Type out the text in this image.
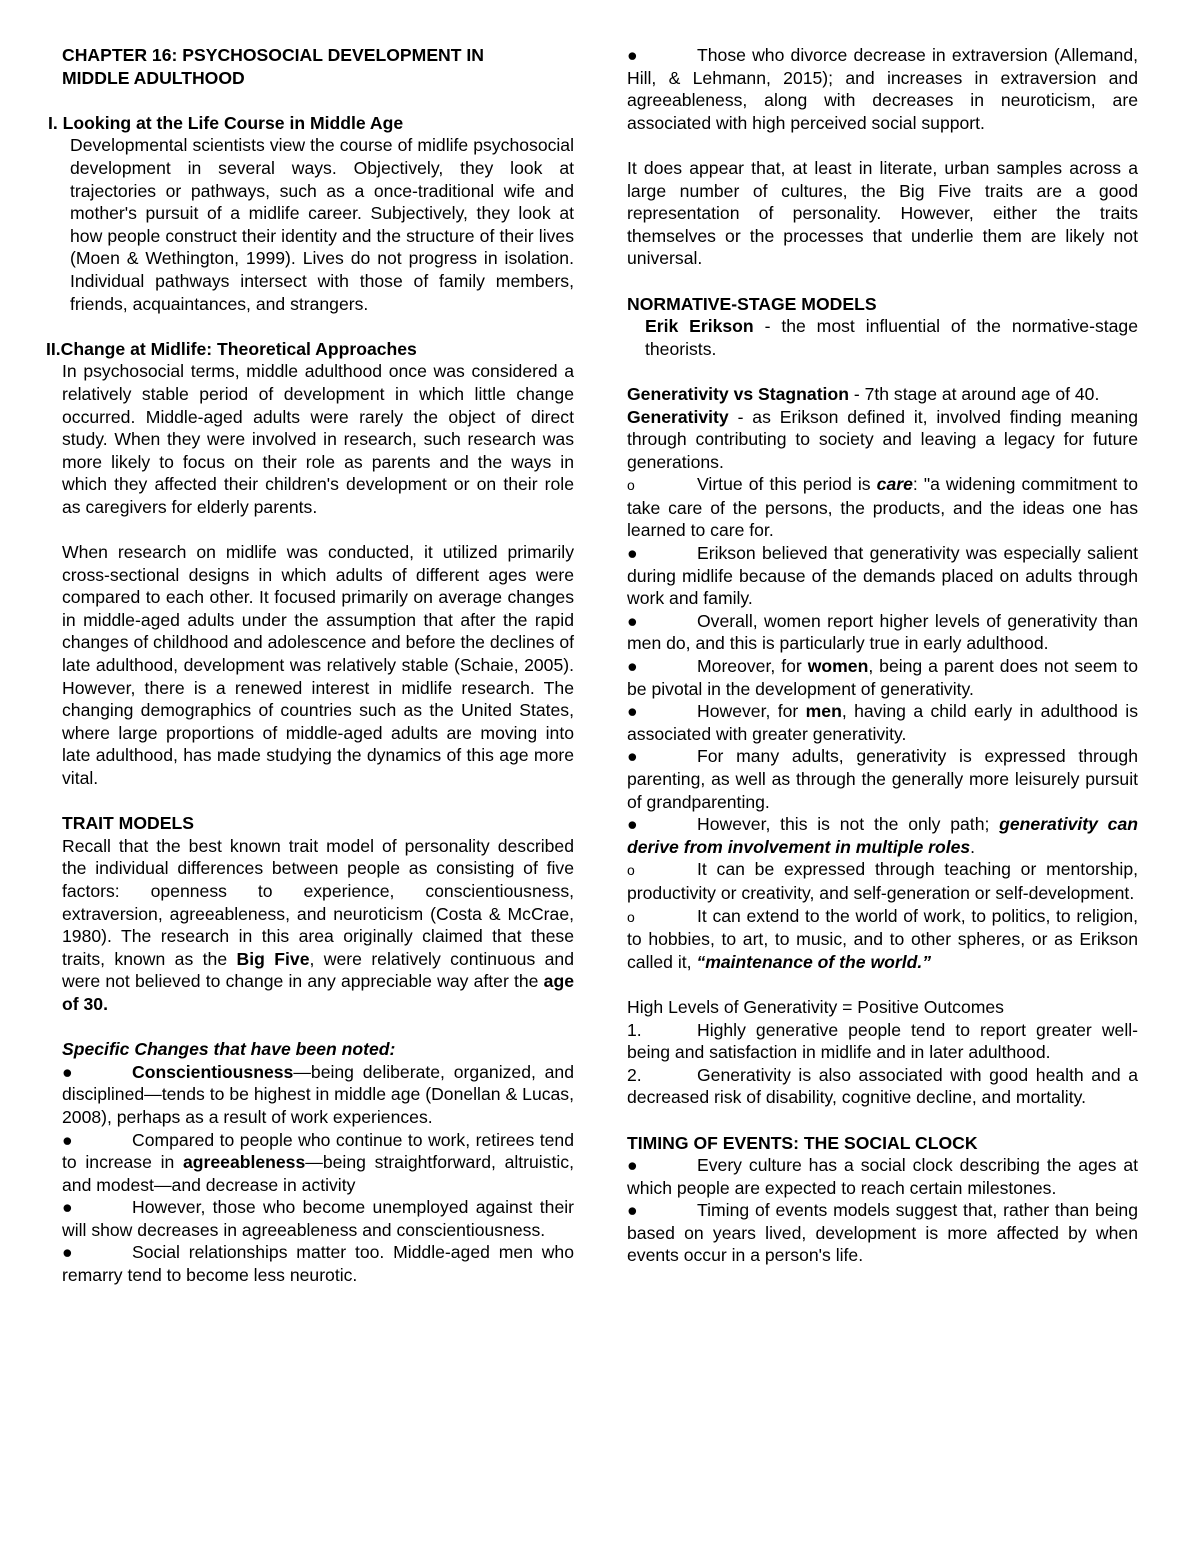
CHAPTER 16: PSYCHOSOCIAL DEVELOPMENT IN

MIDDLE ADULTHOOD

I. Looking at the Life Course in Middle Age

Developmental scientists view the course of midlife psychosocial development in several ways. Objectively, they look at trajectories or pathways, such as a once-traditional wife and mother's pursuit of a midlife career. Subjectively, they look at how people construct their identity and the structure of their lives (Moen & Wethington, 1999). Lives do not progress in isolation. Individual pathways intersect with those of family members, friends, acquaintances, and strangers.

II.Change at Midlife: Theoretical Approaches

In psychosocial terms, middle adulthood once was considered a relatively stable period of development in which little change occurred. Middle-aged adults were rarely the object of direct study. When they were involved in research, such research was more likely to focus on their role as parents and the ways in which they affected their children's development or on their role as caregivers for elderly parents.

When research on midlife was conducted, it utilized primarily cross-sectional designs in which adults of different ages were compared to each other. It focused primarily on average changes in middle-aged adults under the assumption that after the rapid changes of childhood and adolescence and before the declines of late adulthood, development was relatively stable (Schaie, 2005). However, there is a renewed interest in midlife research. The changing demographics of countries such as the United States, where large proportions of middle-aged adults are moving into late adulthood, has made studying the dynamics of this age more vital.

TRAIT MODELS

Recall that the best known trait model of personality described the individual differences between people as consisting of five factors: openness to experience, conscientiousness, extraversion, agreeableness, and neuroticism (Costa & McCrae, 1980). The research in this area originally claimed that these traits, known as the Big Five, were relatively continuous and were not believed to change in any appreciable way after the age of 30.

Specific Changes that have been noted:

●	Conscientiousness—being deliberate, organized, and disciplined—tends to be highest in middle age (Donellan & Lucas, 2008), perhaps as a result of work experiences.

●	Compared to people who continue to work, retirees tend to increase in agreeableness—being straightforward, altruistic, and modest—and decrease in activity

●	However, those who become unemployed against their will show decreases in agreeableness and conscientiousness.

●	Social relationships matter too. Middle-aged men who remarry tend to become less neurotic.

●	Those who divorce decrease in extraversion (Allemand, Hill, & Lehmann, 2015); and increases in extraversion and agreeableness, along with decreases in neuroticism, are associated with high perceived social support.

It does appear that, at least in literate, urban samples across a large number of cultures, the Big Five traits are a good representation of personality. However, either the traits themselves or the processes that underlie them are likely not universal.

NORMATIVE-STAGE MODELS

Erik Erikson - the most influential of the normative-stage theorists.

Generativity vs Stagnation - 7th stage at around age of 40.

Generativity - as Erikson defined it, involved finding meaning through contributing to society and leaving a legacy for future generations.

o	Virtue of this period is care: "a widening commitment to take care of the persons, the products, and the ideas one has learned to care for.

●	Erikson believed that generativity was especially salient during midlife because of the demands placed on adults through work and family.

●	Overall, women report higher levels of generativity than men do, and this is particularly true in early adulthood.

●	Moreover, for women, being a parent does not seem to be pivotal in the development of generativity.

●	However, for men, having a child early in adulthood is associated with greater generativity.

●	For many adults, generativity is expressed through parenting, as well as through the generally more leisurely pursuit of grandparenting.

●	However, this is not the only path; generativity can derive from involvement in multiple roles.

o	It can be expressed through teaching or mentorship, productivity or creativity, and self-generation or self-development.

o	It can extend to the world of work, to politics, to religion, to hobbies, to art, to music, and to other spheres, or as Erikson called it, “maintenance of the world.”

High Levels of Generativity = Positive Outcomes

1.	Highly generative people tend to report greater well-being and satisfaction in midlife and in later adulthood.

2.	Generativity is also associated with good health and a decreased risk of disability, cognitive decline, and mortality.

TIMING OF EVENTS: THE SOCIAL CLOCK

●	Every culture has a social clock describing the ages at which people are expected to reach certain milestones.

●	Timing of events models suggest that, rather than being based on years lived, development is more affected by when events occur in a person's life.
